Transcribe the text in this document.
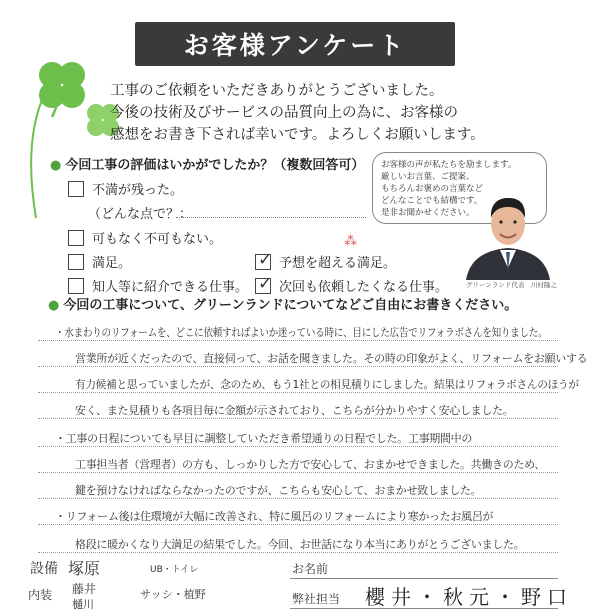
お客様アンケート
工事のご依頼をいただきありがとうございました。
今後の技術及びサービスの品質向上の為に、お客様の
感想をお書き下されば幸いです。よろしくお願いします。
● 今回工事の評価はいかがでしたか？（複数回答可）
不満が残った。
（どんな点で？：
可もなく不可もない。
満足。	✓ 予想を超える満足。
⁂
知人等に紹介できる仕事。 ✓ 次回も依頼したくなる仕事。
お客様の声が私たちを励まします。
厳しいお言葉、ご提案、
もちろんお褒めの言葉など
どんなことでも結構です。
是非お聞かせください。
グリーンランド代表　川村隆之
● 今回の工事について、グリーンランドについてなどご自由にお書きください。
・水まわりのリフォームを、どこに依頼すればよいか迷っている時に、目にした広告でリフォラボさんを知りました。
営業所が近くだったので、直接伺って、お話を聞きました。その時の印象がよく、リフォームをお願いする
有力候補と思っていましたが、念のため、もう1社との相見積りにしました。結果はリフォラボさんのほうが
安く、また見積りも各項目毎に金額が示されており、こちらが分かりやすく安心しました。
・工事の日程についても早目に調整していただき希望通りの日程でした。工事期間中の
工事担当者（営理者）の方も、しっかりした方で安心して、おまかせできました。共働きのため、
鍵を預けなければならなかったのですが、こちらも安心して、おまかせ致しました。
・リフォーム後は住環境が大幅に改善され、特に風呂のリフォームにより寒かったお風呂が
格段に暖かくなり大満足の結果でした。今回、お世話になり本当にありがとうございました。
設備 塚原	UB・トイレ
内装 藤井
樋川
サッシ・植野
お名前
弊社担当 櫻井・秋元・野口
